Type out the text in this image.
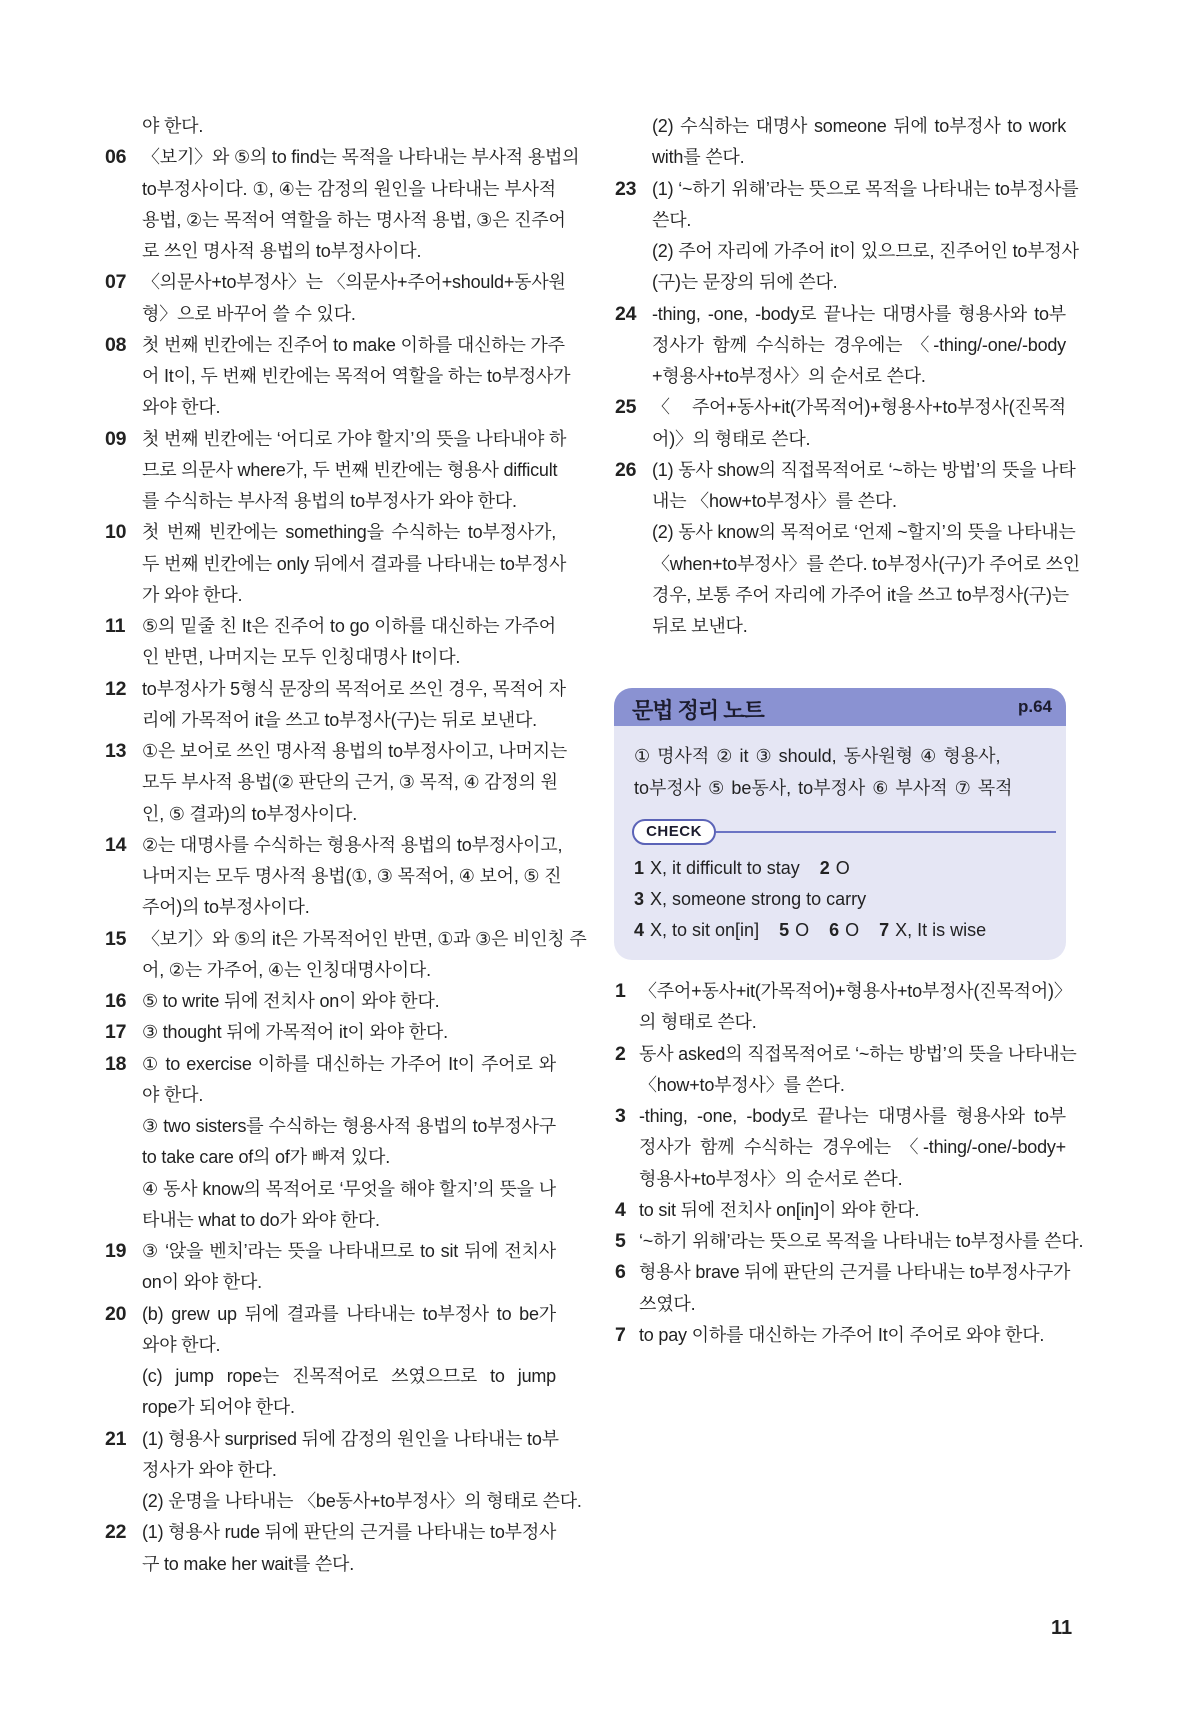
야 한다.
06 〈보기〉와 ⑤의 to find는 목적을 나타내는 부사적 용법의
to부정사이다. ①, ④는 감정의 원인을 나타내는 부사적
용법, ②는 목적어 역할을 하는 명사적 용법, ③은 진주어
로 쓰인 명사적 용법의 to부정사이다.
07 〈의문사+to부정사〉는 〈의문사+주어+should+동사원
형〉으로 바꾸어 쓸 수 있다.
08 첫 번째 빈칸에는 진주어 to make 이하를 대신하는 가주
어 It이, 두 번째 빈칸에는 목적어 역할을 하는 to부정사가
와야 한다.
09 첫 번째 빈칸에는 ‘어디로 가야 할지’의 뜻을 나타내야 하
므로 의문사 where가, 두 번째 빈칸에는 형용사 difficult
를 수식하는 부사적 용법의 to부정사가 와야 한다.
10 첫 번째 빈칸에는 something을 수식하는 to부정사가,
두 번째 빈칸에는 only 뒤에서 결과를 나타내는 to부정사
가 와야 한다.
11 ⑤의 밑줄 친 It은 진주어 to go 이하를 대신하는 가주어
인 반면, 나머지는 모두 인칭대명사 It이다.
12 to부정사가 5형식 문장의 목적어로 쓰인 경우, 목적어 자
리에 가목적어 it을 쓰고 to부정사(구)는 뒤로 보낸다.
13 ①은 보어로 쓰인 명사적 용법의 to부정사이고, 나머지는
모두 부사적 용법(② 판단의 근거, ③ 목적, ④ 감정의 원
인, ⑤ 결과)의 to부정사이다.
14 ②는 대명사를 수식하는 형용사적 용법의 to부정사이고,
나머지는 모두 명사적 용법(①, ③ 목적어, ④ 보어, ⑤ 진
주어)의 to부정사이다.
15 〈보기〉와 ⑤의 it은 가목적어인 반면, ①과 ③은 비인칭 주
어, ②는 가주어, ④는 인칭대명사이다.
16 ⑤ to write 뒤에 전치사 on이 와야 한다.
17 ③ thought 뒤에 가목적어 it이 와야 한다.
18 ① to exercise 이하를 대신하는 가주어 It이 주어로 와
야 한다.
③ two sisters를 수식하는 형용사적 용법의 to부정사구
to take care of의 of가 빠져 있다.
④ 동사 know의 목적어로 ‘무엇을 해야 할지’의 뜻을 나
타내는 what to do가 와야 한다.
19 ③ ‘앉을 벤치’라는 뜻을 나타내므로 to sit 뒤에 전치사
on이 와야 한다.
20 (b) grew up 뒤에 결과를 나타내는 to부정사 to be가
와야 한다.
(c) jump rope는 진목적어로 쓰였으므로 to jump
rope가 되어야 한다.
21 (1) 형용사 surprised 뒤에 감정의 원인을 나타내는 to부
정사가 와야 한다.
(2) 운명을 나타내는 〈be동사+to부정사〉의 형태로 쓴다.
22 (1) 형용사 rude 뒤에 판단의 근거를 나타내는 to부정사
구 to make her wait를 쓴다.
(2) 수식하는 대명사 someone 뒤에 to부정사 to work
with를 쓴다.
23 (1) ‘~하기 위해’라는 뜻으로 목적을 나타내는 to부정사를
쓴다.
(2) 주어 자리에 가주어 it이 있으므로, 진주어인 to부정사
(구)는 문장의 뒤에 쓴다.
24 -thing, -one, -body로 끝나는 대명사를 형용사와 to부
정사가 함께 수식하는 경우에는 〈-thing/-one/-body
+형용사+to부정사〉의 순서로 쓴다.
25 〈주어+동사+it(가목적어)+형용사+to부정사(진목적
어)〉의 형태로 쓴다.
26 (1) 동사 show의 직접목적어로 ‘~하는 방법’의 뜻을 나타
내는 〈how+to부정사〉를 쓴다.
(2) 동사 know의 목적어로 ‘언제 ~할지’의 뜻을 나타내는
〈when+to부정사〉를 쓴다. to부정사(구)가 주어로 쓰인
경우, 보통 주어 자리에 가주어 it을 쓰고 to부정사(구)는
뒤로 보낸다.
문법 정리 노트	p.64
① 명사적 ② it ③ should, 동사원형 ④ 형용사,
to부정사 ⑤ be동사, to부정사 ⑥ 부사적 ⑦ 목적
CHECK
1 X, it difficult to stay 2 O
3 X, someone strong to carry
4 X, to sit on[in] 5 O 6 O 7 X, It is wise
1 〈주어+동사+it(가목적어)+형용사+to부정사(진목적어)〉
의 형태로 쓴다.
2 동사 asked의 직접목적어로 ‘~하는 방법’의 뜻을 나타내는
〈how+to부정사〉를 쓴다.
3 -thing, -one, -body로 끝나는 대명사를 형용사와 to부
정사가 함께 수식하는 경우에는 〈-thing/-one/-body+
형용사+to부정사〉의 순서로 쓴다.
4 to sit 뒤에 전치사 on[in]이 와야 한다.
5 ‘~하기 위해’라는 뜻으로 목적을 나타내는 to부정사를 쓴다.
6 형용사 brave 뒤에 판단의 근거를 나타내는 to부정사구가
쓰였다.
7 to pay 이하를 대신하는 가주어 It이 주어로 와야 한다.
11
